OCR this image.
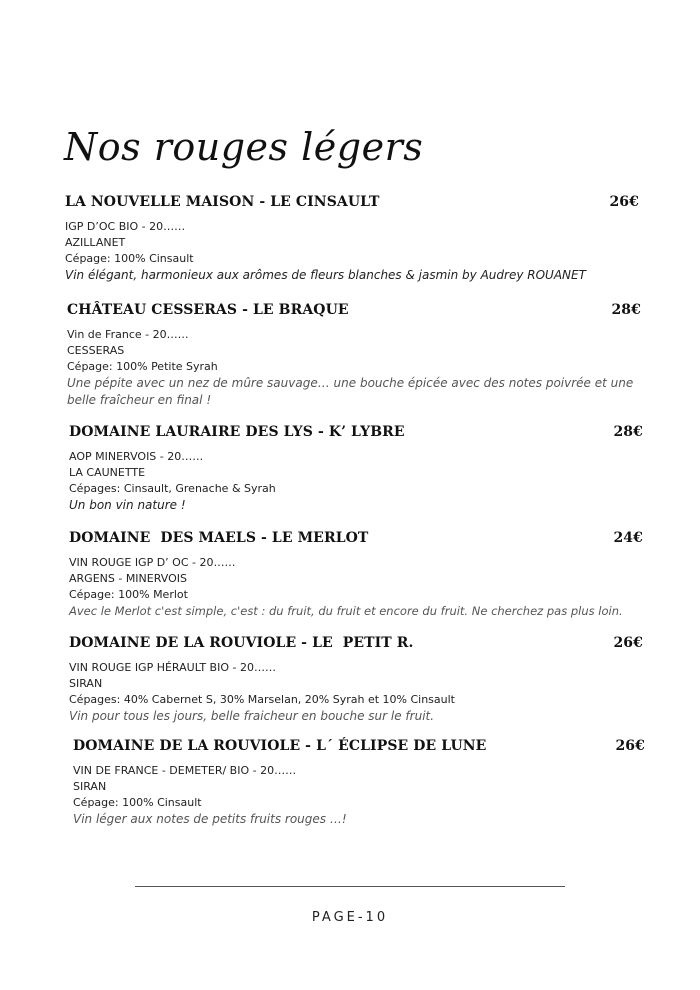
Nos rouges légers
LA NOUVELLE MAISON - LE CINSAULT	26€
IGP D’OC BIO - 20……
AZILLANET
Cépage: 100% Cinsault
Vin élégant, harmonieux aux arômes de fleurs blanches & jasmin by Audrey ROUANET
CHÂTEAU CESSERAS - LE BRAQUE	28€
Vin de France - 20……
CESSERAS
Cépage: 100% Petite Syrah
Une pépite avec un nez de mûre sauvage… une bouche épicée avec des notes poivrée et une belle fraîcheur en final !
DOMAINE LAURAIRE DES LYS - K’ LYBRE	28€
AOP MINERVOIS - 20……
LA CAUNETTE
Cépages: Cinsault, Grenache & Syrah
Un bon vin nature !
DOMAINE  DES MAELS - LE MERLOT	24€
VIN ROUGE IGP D’ OC - 20……
ARGENS - MINERVOIS
Cépage: 100% Merlot
Avec le Merlot c'est simple, c'est : du fruit, du fruit et encore du fruit. Ne cherchez pas plus loin.
DOMAINE DE LA ROUVIOLE - LE  PETIT R.	26€
VIN ROUGE IGP HÉRAULT BIO - 20……
SIRAN
Cépages: 40% Cabernet S, 30% Marselan, 20% Syrah et 10% Cinsault
Vin pour tous les jours, belle fraicheur en bouche sur le fruit.
DOMAINE DE LA ROUVIOLE - L´ ÉCLIPSE DE LUNE	26€
VIN DE FRANCE - DEMETER/ BIO - 20……
SIRAN
Cépage: 100% Cinsault
Vin léger aux notes de petits fruits rouges …!
PAGE-10
